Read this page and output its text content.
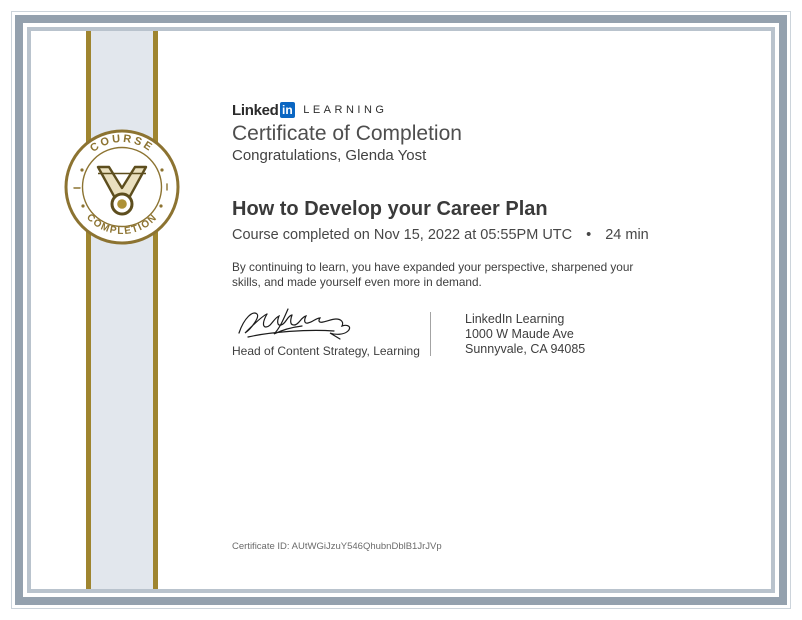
COURSE
COMPLETION
Linked in LEARNING
Certificate of Completion
Congratulations, Glenda Yost
How to Develop your Career Plan
Course completed on Nov 15, 2022 at 05:55PM UTC • 24 min
By continuing to learn, you have expanded your perspective, sharpened your skills, and made yourself even more in demand.
Head of Content Strategy, Learning
LinkedIn Learning
1000 W Maude Ave
Sunnyvale, CA 94085
Certificate ID: AUtWGiJzuY546QhubnDblB1JrJVp
